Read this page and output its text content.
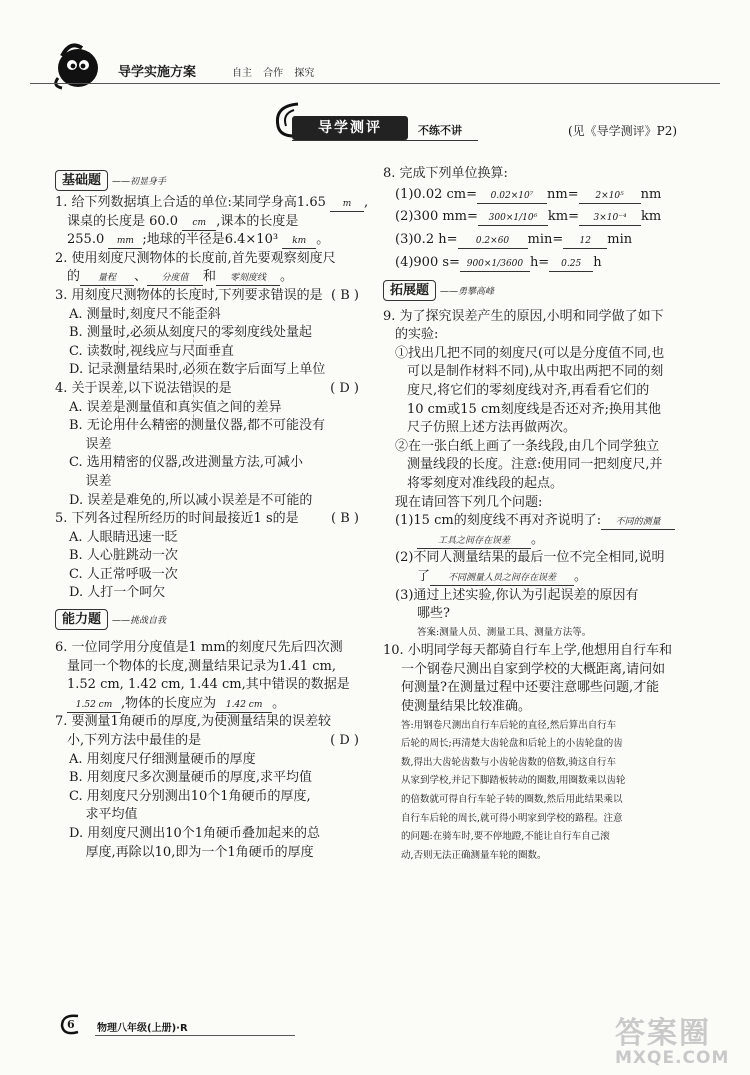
导学实施方案	自主 合作 探究
导学测评	不练不讲	(见《导学测评》P2)
基础题 ——初显身手

1. 给下列数据填上合适的单位:某同学身高1.65 m ,

课桌的长度是 60.0 cm ,课本的长度是

255.0 mm ;地球的半径是6.4×10³ km 。

2. 使用刻度尺测物体的长度前,首先要观察刻度尺

的 量程 、 分度值 和 零刻度线 。

3. 用刻度尺测物体的长度时,下列要求错误的是 ( B )

A. 测量时,刻度尺不能歪斜

B. 测量时,必须从刻度尺的零刻度线处量起

C. 读数时,视线应与尺面垂直

D. 记录测量结果时,必须在数字后面写上单位

4. 关于误差,以下说法错误的是	( D )

A. 误差是测量值和真实值之间的差异

B. 无论用什么精密的测量仪器,都不可能没有

误差

C. 选用精密的仪器,改进测量方法,可减小

误差

D. 误差是难免的,所以减小误差是不可能的

5. 下列各过程所经历的时间最接近1 s的是 ( B )

A. 人眼睛迅速一眨

B. 人心脏跳动一次

C. 人正常呼吸一次

D. 人打一个呵欠

能力题 ——挑战自我

6. 一位同学用分度值是1 mm的刻度尺先后四次测

量同一个物体的长度,测量结果记录为1.41 cm,

1.52 cm, 1.42 cm, 1.44 cm,其中错误的数据是

1.52 cm ,物体的长度应为 1.42 cm 。

7. 要测量1角硬币的厚度,为使测量结果的误差较

小,下列方法中最佳的是	( D )

A. 用刻度尺仔细测量硬币的厚度

B. 用刻度尺多次测量硬币的厚度,求平均值

C. 用刻度尺分别测出10个1角硬币的厚度,

求平均值

D. 用刻度尺测出10个1角硬币叠加起来的总

厚度,再除以10,即为一个1角硬币的厚度

8. 完成下列单位换算:

(1)0.02 cm= 0.02×10⁷ nm= 2×10⁵ nm

(2)300 mm= 300×1/10⁶ km= 3×10⁻⁴ km

(3)0.2 h= 0.2×60 min= 12 min

(4)900 s= 900×1/3600 h= 0.25 h

拓展题 ——勇攀高峰

9. 为了探究误差产生的原因,小明和同学做了如下

的实验:

①找出几把不同的刻度尺(可以是分度值不同,也

可以是制作材料不同),从中取出两把不同的刻

度尺,将它们的零刻度线对齐,再看看它们的

10 cm或15 cm刻度线是否还对齐;换用其他

尺子仿照上述方法再做两次。

②在一张白纸上画了一条线段,由几个同学独立

测量线段的长度。注意:使用同一把刻度尺,并

将零刻度对准线段的起点。

现在请回答下列几个问题:

(1)15 cm的刻度线不再对齐说明了: 不同的测量

工具之间存在误差 。

(2)不同人测量结果的最后一位不完全相同,说明

了 不同测量人员之间存在误差 。

(3)通过上述实验,你认为引起误差的原因有

哪些?

答案:测量人员、测量工具、测量方法等。

10. 小明同学每天都骑自行车上学,他想用自行车和

一个钢卷尺测出自家到学校的大概距离,请问如

何测量?在测量过程中还要注意哪些问题,才能

使测量结果比较准确。

答:用钢卷尺测出自行车后轮的直径,然后算出自行车

后轮的周长;再清楚大齿轮盘和后轮上的小齿轮盘的齿

数,得出大齿轮齿数与小齿轮齿数的倍数,骑这自行车

从家到学校,并记下脚踏板转动的圈数,用圈数乘以齿轮

的倍数就可得自行车轮子转的圈数,然后用此结果乘以

自行车后轮的周长,就可得小明家到学校的路程。注意

的问题:在骑车时,要不停地蹬,不能让自行车自己滚

动,否则无法正确测量车轮的圈数。

6 物理八年级(上册)·R	答案圈
MXQE.COM
